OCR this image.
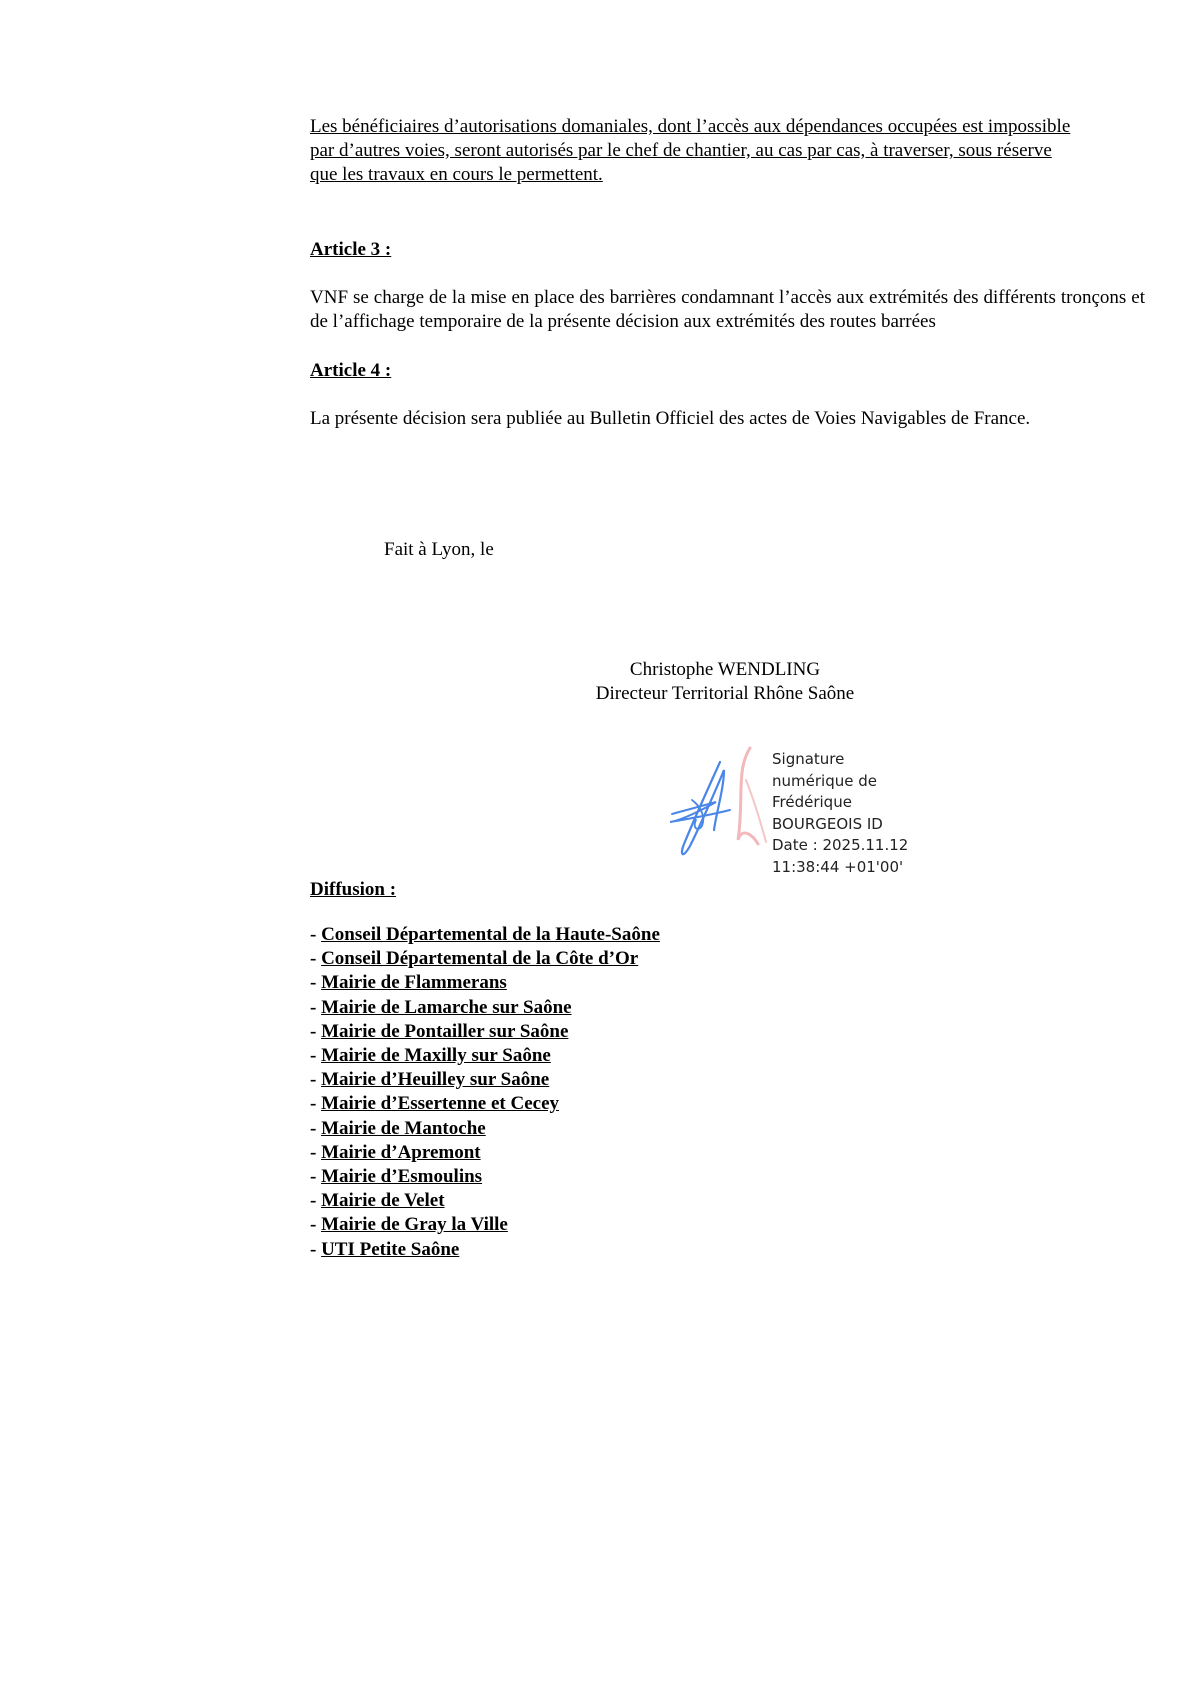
Les bénéficiaires d’autorisations domaniales, dont l’accès aux dépendances occupées est impossible
par d’autres voies, seront autorisés par le chef de chantier, au cas par cas, à traverser, sous réserve
que les travaux en cours le permettent.

Article 3 :

VNF se charge de la mise en place des barrières condamnant l’accès aux extrémités des différents tronçons et de l’affichage temporaire de la présente décision aux extrémités des routes barrées

Article 4 :

La présente décision sera publiée au Bulletin Officiel des actes de Voies Navigables de France.

Fait à Lyon, le
Christophe WENDLING
Directeur Territorial Rhône Saône
Signature
numérique de
Frédérique
BOURGEOIS ID
Date : 2025.11.12
11:38:44 +01'00'

Diffusion :

- Conseil Départemental de la Haute-Saône
- Conseil Départemental de la Côte d’Or
- Mairie de Flammerans
- Mairie de Lamarche sur Saône
- Mairie de Pontailler sur Saône
- Mairie de Maxilly sur Saône
- Mairie d’Heuilley sur Saône
- Mairie d’Essertenne et Cecey
- Mairie de Mantoche
- Mairie d’Apremont
- Mairie d’Esmoulins
- Mairie de Velet
- Mairie de Gray la Ville
- UTI Petite Saône
